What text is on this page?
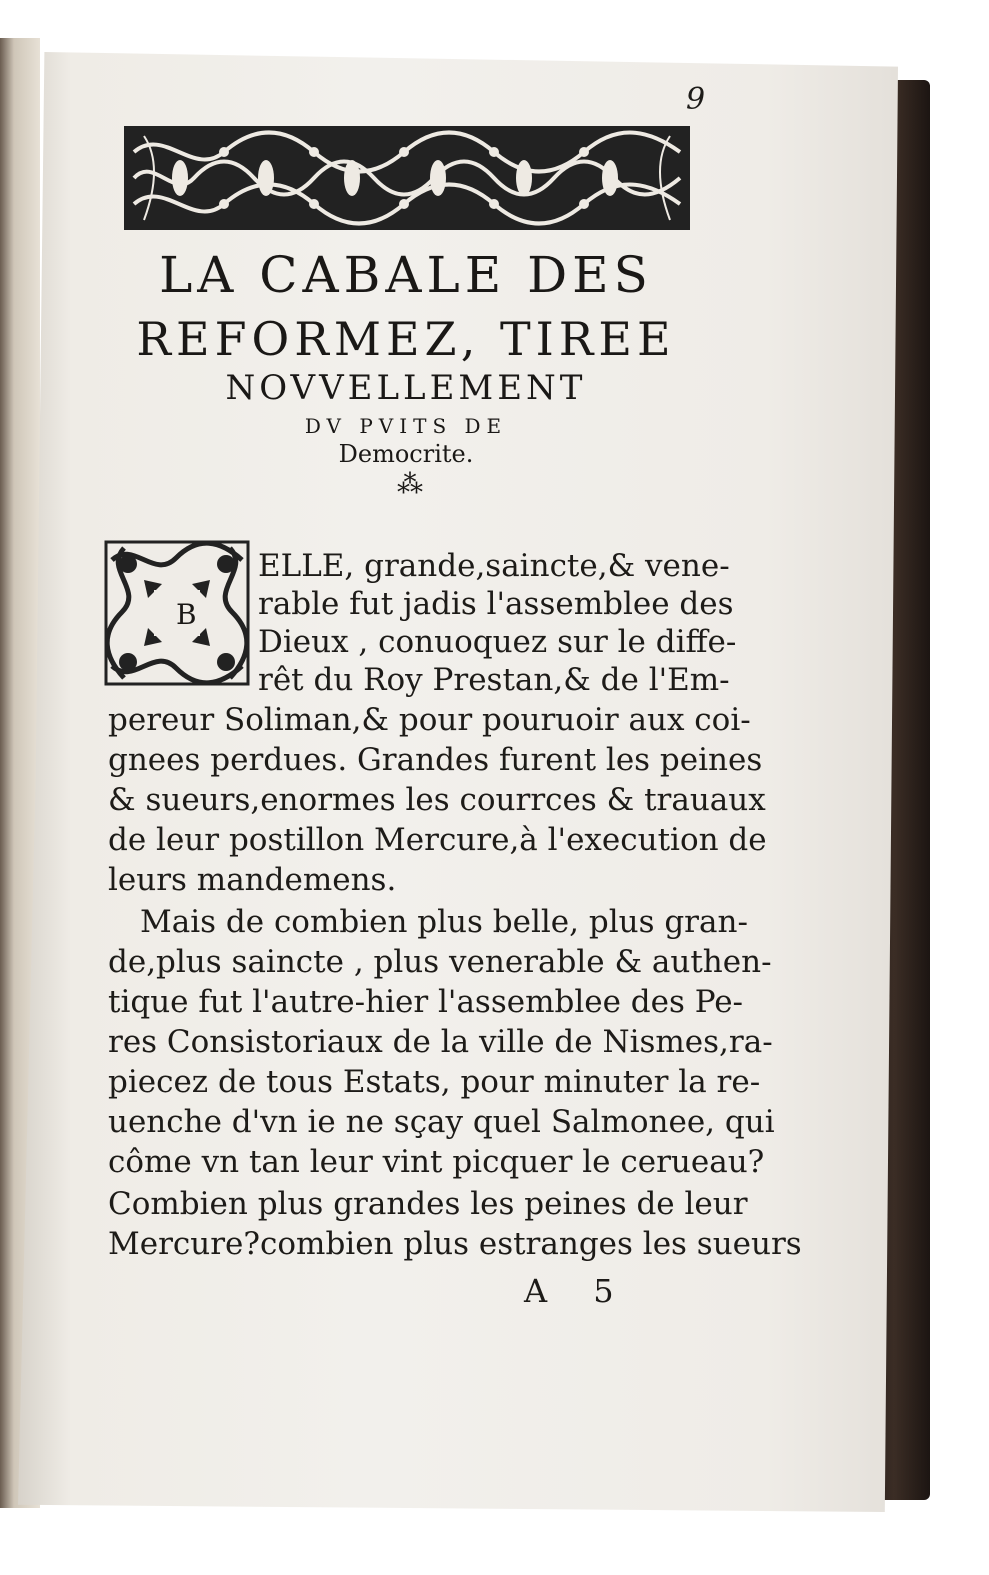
9
LA CABALE DES
REFORMEZ, TIREE
NOVVELLEMENT
DV PVITS DE
Democrite.
⁂
B
ELLE, grande,saincte,& vene-
rable fut jadis l'assemblee des
Dieux , conuoquez sur le diffe-
rêt du Roy Prestan,& de l'Em-
pereur Soliman,& pour pouruoir aux coi-
gnees perdues. Grandes furent les peines
& sueurs,enormes les courrces & trauaux
de leur postillon Mercure,à l'execution de
leurs mandemens.
Mais de combien plus belle, plus gran-
de,plus saincte , plus venerable & authen-
tique fut l'autre-hier l'assemblee des Pe-
res Consistoriaux de la ville de Nismes,ra-
piecez de tous Estats, pour minuter la re-
uenche d'vn ie ne sçay quel Salmonee, qui
côme vn tan leur vint picquer le cerueau?
Combien plus grandes les peines de leur
Mercure?combien plus estranges les sueurs
A 5
